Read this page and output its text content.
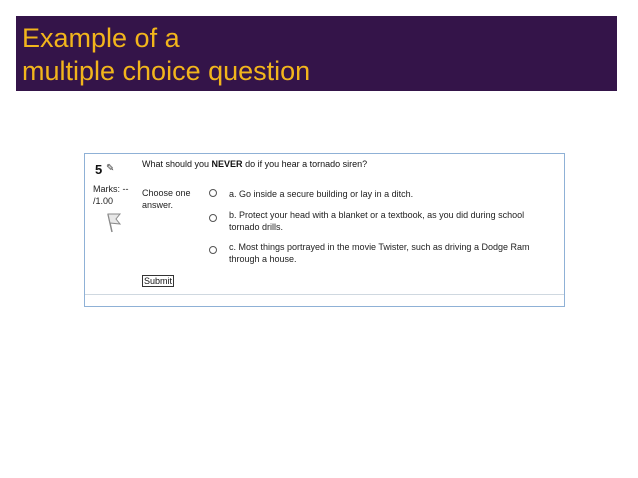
Example of a
multiple choice question
5 ✎
Marks: --
/1.00
What should you NEVER do if you hear a tornado siren?
Choose one answer.
a. Go inside a secure building or lay in a ditch.
b. Protect your head with a blanket or a textbook, as you did during school tornado drills.
c. Most things portrayed in the movie Twister, such as driving a Dodge Ram through a house.
Submit
